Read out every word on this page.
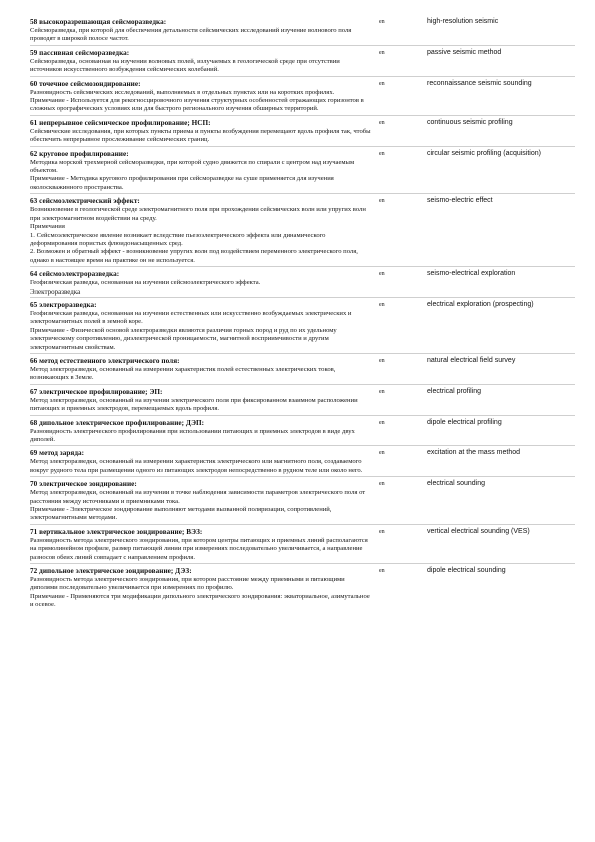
58 высокоразрешающая сейсморазведка:	en	high-resolution seismic

Сейсморазведка, при которой для обеспечения детальности сейсмических исследований изучение волнового поля проводят в широкой полосе частот.

59 пассивная сейсморазведка:	en	passive seismic method

Сейсморазведка, основанная на изучении волновых полей, излучаемых в геологической среде при отсутствии источников искусственного возбуждения сейсмических колебаний.

60 точечное сейсмозондирование:	en	reconnaissance seismic sounding

Разновидность сейсмических исследований, выполняемых в отдельных пунктах или на коротких профилях.
Примечание - Используется для рекогносцировочного изучения структурных особенностей отражающих горизонтов в сложных орографических условиях или для быстрого регионального изучения обширных территорий.

61 непрерывное сейсмическое профилирование; НСП:	en	continuous seismic profiling

Сейсмические исследования, при которых пункты приема и пункты возбуждения перемещают вдоль профиля так, чтобы обеспечить непрерывное прослеживание сейсмических границ.

62 круговое профилирование:	en	circular seismic profiling (acquisition)

Методика морской трехмерной сейсморазведки, при которой судно движется по спирали с центром над изучаемым объектом.
Примечание - Методика кругового профилирования при сейсморазведке на суше применяется для изучения околоскважинного пространства.

63 сейсмоэлектрический эффект:	en	seismo-electric effect

Возникновение в геологической среде электромагнитного поля при прохождении сейсмических волн или упругих волн при электромагнитном воздействии на среду.
Примечания
1. Сейсмоэлектрическое явление возникает вследствие пьезоэлектрического эффекта или динамического деформирования пористых флюидонасыщенных сред.
2. Возможен и обратный эффект - возникновение упругих волн под воздействием переменного электрического поля, однако в настоящее время на практике он не используется.

64 сейсмоэлектроразведка:	en	seismo-electrical exploration

Геофизическая разведка, основанная на изучении сейсмоэлектрического эффекта.

Электроразведка

65 электроразведка:	en	electrical exploration (prospecting)

Геофизическая разведка, основанная на изучении естественных или искусственно возбуждаемых электрических и электромагнитных полей в земной коре.
Примечание - Физической основой электроразведки являются различия горных пород и руд по их удельному электрическому сопротивлению, диэлектрической проницаемости, магнитной восприимчивости и другим электромагнитным свойствам.

66 метод естественного электрического поля:	en	natural electrical field survey

Метод электроразведки, основанный на измерении характеристик полей естественных электрических токов, возникающих в Земле.

67 электрическое профилирование; ЭП:	en	electrical profiling

Метод электроразведки, основанный на изучении электрического поля при фиксированном взаимном расположении питающих и приемных электродов, перемещаемых вдоль профиля.

68 дипольное электрическое профилирование; ДЭП:	en	dipole electrical profiling

Разновидность электрического профилирования при использовании питающих и приемных электродов в виде двух диполей.

69 метод заряда:	en	excitation at the mass method

Метод электроразведки, основанный на измерении характеристик электрического или магнитного поля, создаваемого вокруг рудного тела при размещении одного из питающих электродов непосредственно в рудном теле или около него.

70 электрическое зондирование:	en	electrical sounding

Метод электроразведки, основанный на изучении в точке наблюдения зависимости параметров электрического поля от расстояния между источниками и приемниками тока.
Примечание - Электрическое зондирование выполняют методами вызванной поляризации, сопротивлений, электромагнитными методами.

71 вертикальное электрическое зондирование; ВЭЗ:	en	vertical electrical sounding (VES)

Разновидность метода электрического зондирования, при котором центры питающих и приемных линий располагаются на прямолинейном профиле, размер питающей линии при измерениях последовательно увеличивается, а направление разносов обеих линий совпадает с направлением профиля.

72 дипольное электрическое зондирование; ДЭЗ:	en	dipole electrical sounding

Разновидность метода электрического зондирования, при котором расстояние между приемными и питающими диполями последовательно увеличивается при измерениях по профилю.
Примечание - Применяются три модификации дипольного электрического зондирования: экваториальное, азимутальное и осевое.
